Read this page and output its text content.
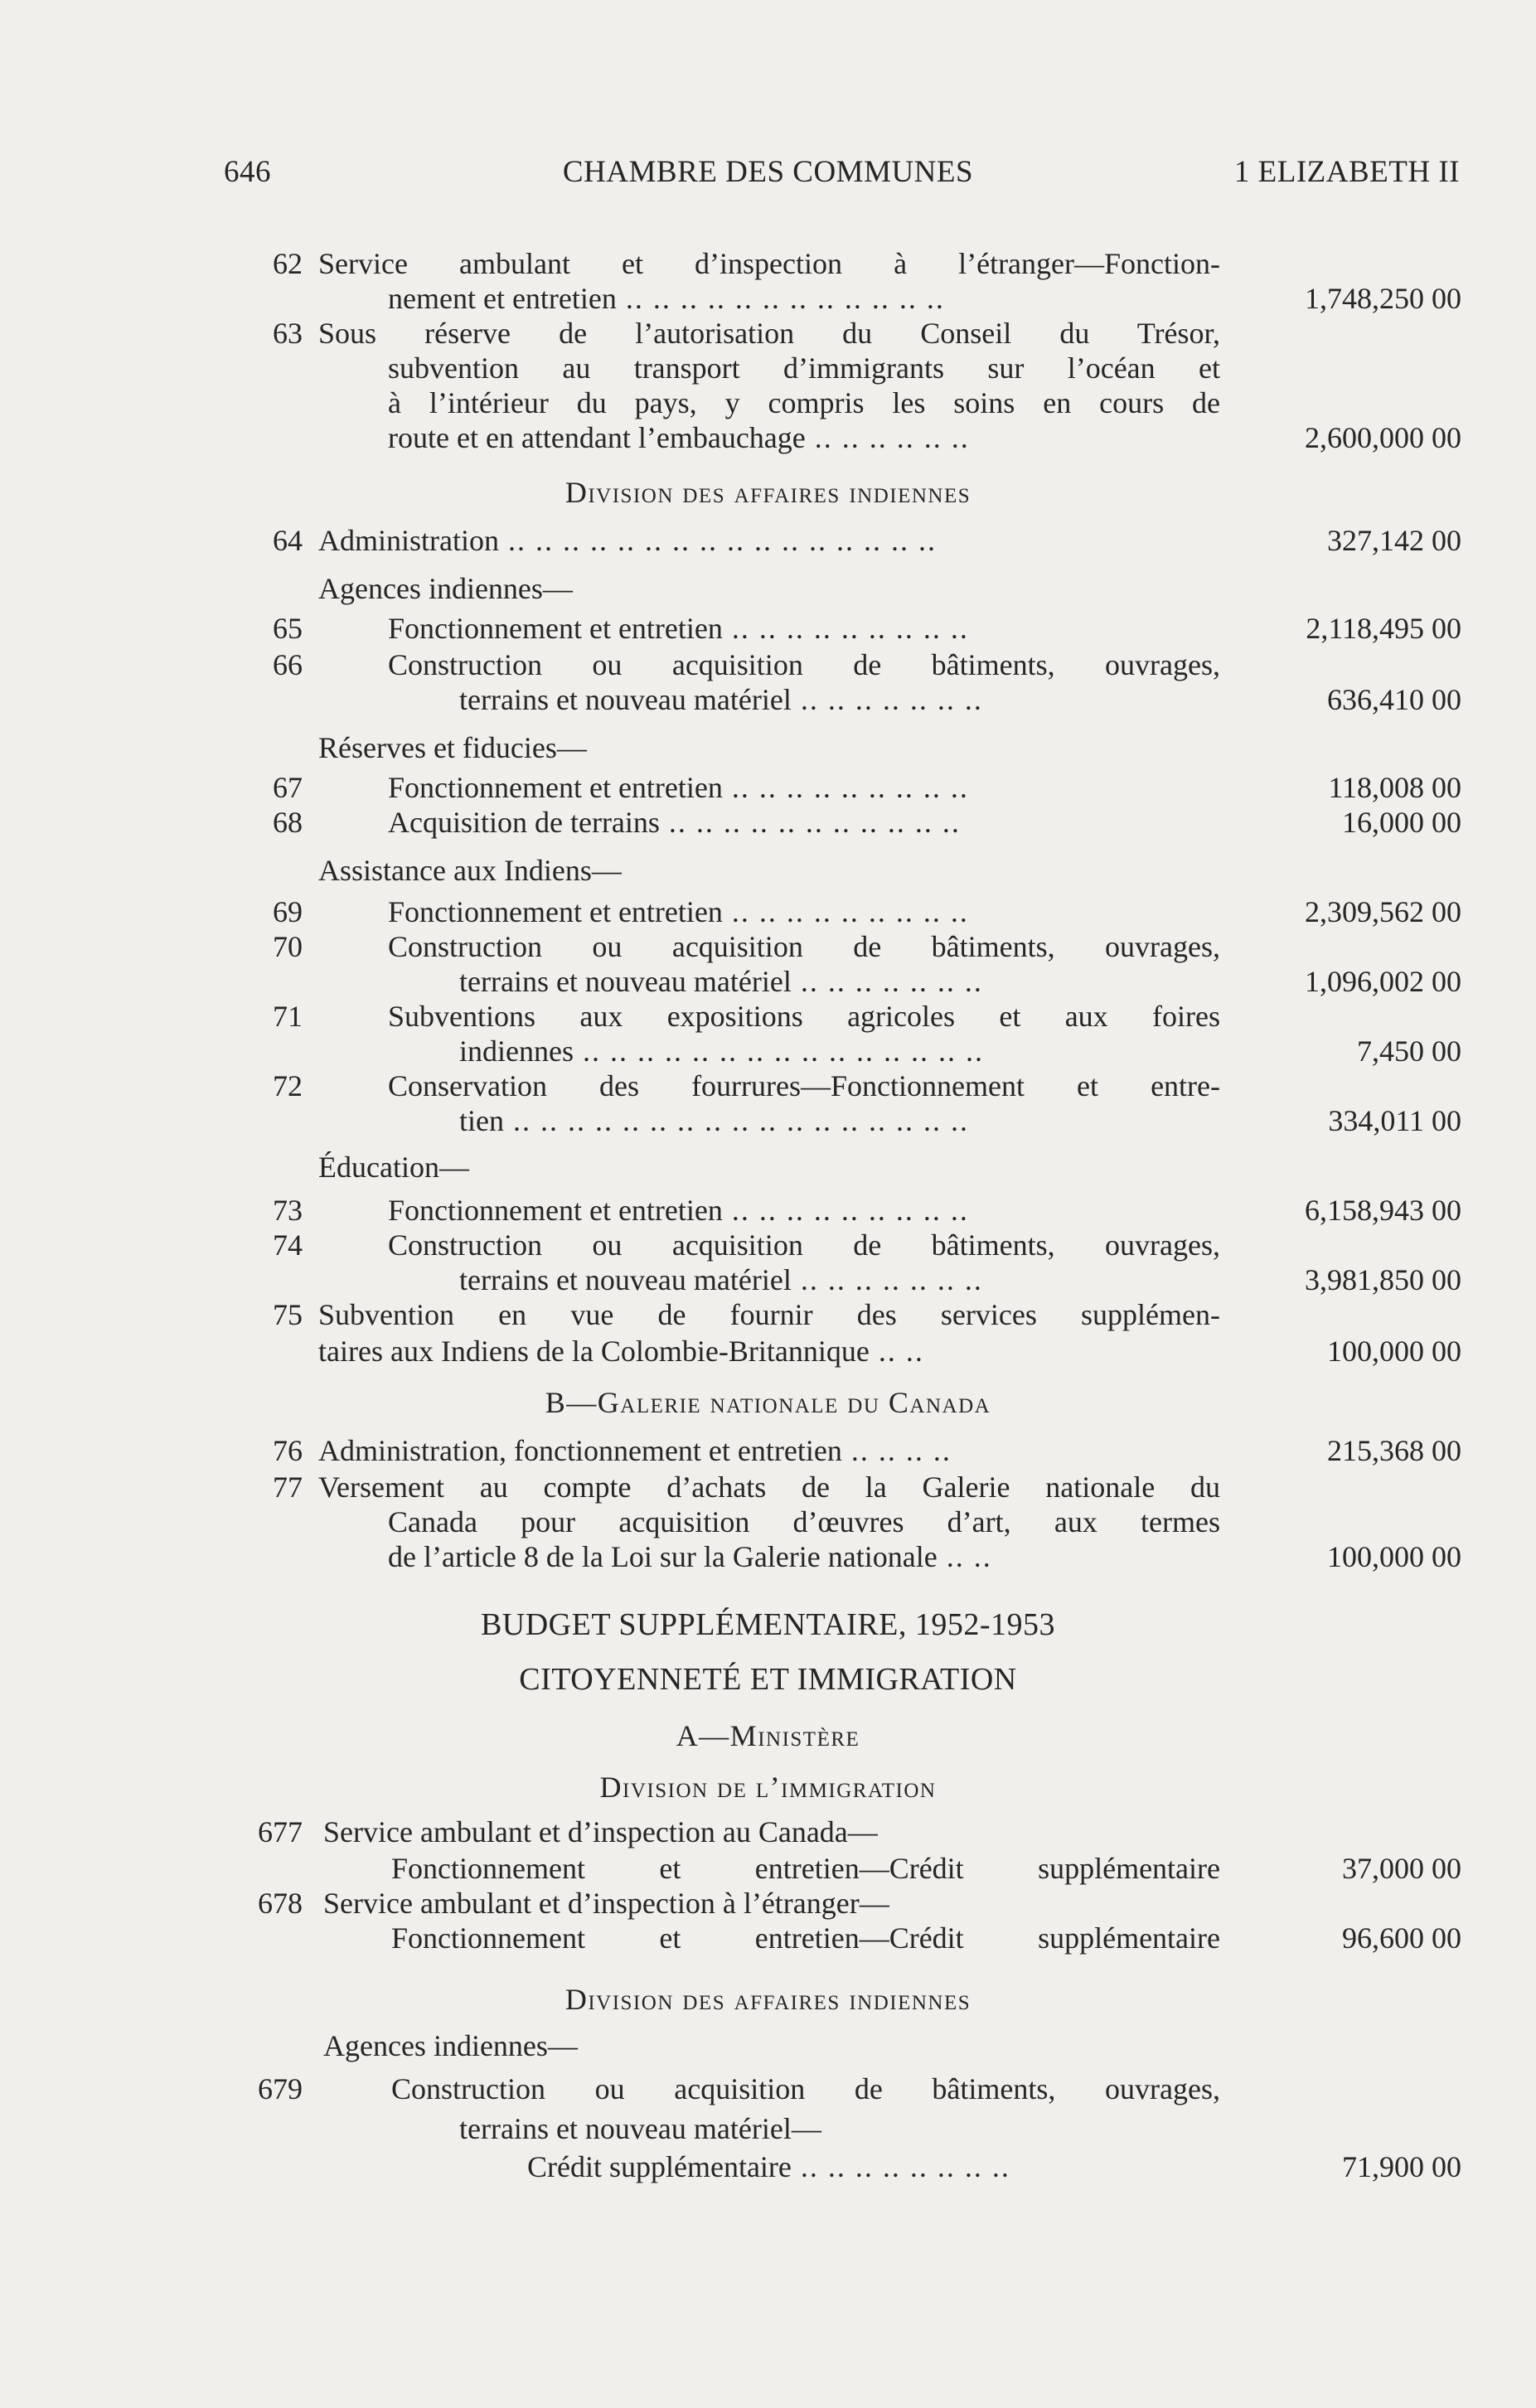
646	CHAMBRE DES COMMUNES	1 ELIZABETH II
62 Service ambulant et d’inspection à l’étranger—Fonction-
nement et entretien .. .. .. .. .. .. .. .. .. .. .. ..	1,748,250 00
63 Sous réserve de l’autorisation du Conseil du Trésor,
subvention au transport d’immigrants sur l’océan et
à l’intérieur du pays, y compris les soins en cours de
route et en attendant l’embauchage .. .. .. .. .. ..	2,600,000 00
Division des affaires indiennes
64 Administration .. .. .. .. .. .. .. .. .. .. .. .. .. .. .. ..	327,142 00
Agences indiennes—
65	Fonctionnement et entretien .. .. .. .. .. .. .. .. ..	2,118,495 00
66	Construction ou acquisition de bâtiments, ouvrages,
terrains et nouveau matériel .. .. .. .. .. .. ..	636,410 00
Réserves et fiducies—
67	Fonctionnement et entretien .. .. .. .. .. .. .. .. ..	118,008 00
68	Acquisition de terrains .. .. .. .. .. .. .. .. .. .. ..	16,000 00
Assistance aux Indiens—
69	Fonctionnement et entretien .. .. .. .. .. .. .. .. ..	2,309,562 00
70	Construction ou acquisition de bâtiments, ouvrages,
terrains et nouveau matériel .. .. .. .. .. .. ..	1,096,002 00
71	Subventions aux expositions agricoles et aux foires
indiennes .. .. .. .. .. .. .. .. .. .. .. .. .. .. ..	7,450 00
72	Conservation des fourrures—Fonctionnement et entre-
tien .. .. .. .. .. .. .. .. .. .. .. .. .. .. .. .. ..	334,011 00
Éducation—
73	Fonctionnement et entretien .. .. .. .. .. .. .. .. ..	6,158,943 00
74	Construction ou acquisition de bâtiments, ouvrages,
terrains et nouveau matériel .. .. .. .. .. .. ..	3,981,850 00
75 Subvention en vue de fournir des services supplémen-
taires aux Indiens de la Colombie-Britannique .. ..	100,000 00
B—Galerie nationale du Canada
76 Administration, fonctionnement et entretien .. .. .. ..	215,368 00
77 Versement au compte d’achats de la Galerie nationale du
Canada pour acquisition d’œuvres d’art, aux termes
de l’article 8 de la Loi sur la Galerie nationale .. ..	100,000 00
BUDGET SUPPLÉMENTAIRE, 1952-1953
CITOYENNETÉ ET IMMIGRATION
A—Ministère
Division de l’immigration
677 Service ambulant et d’inspection au Canada—
Fonctionnement et entretien—Crédit supplémentaire	37,000 00
678 Service ambulant et d’inspection à l’étranger—
Fonctionnement et entretien—Crédit supplémentaire	96,600 00
Division des affaires indiennes
Agences indiennes—
679	Construction ou acquisition de bâtiments, ouvrages,
terrains et nouveau matériel—
Crédit supplémentaire .. .. .. .. .. .. .. ..	71,900 00
